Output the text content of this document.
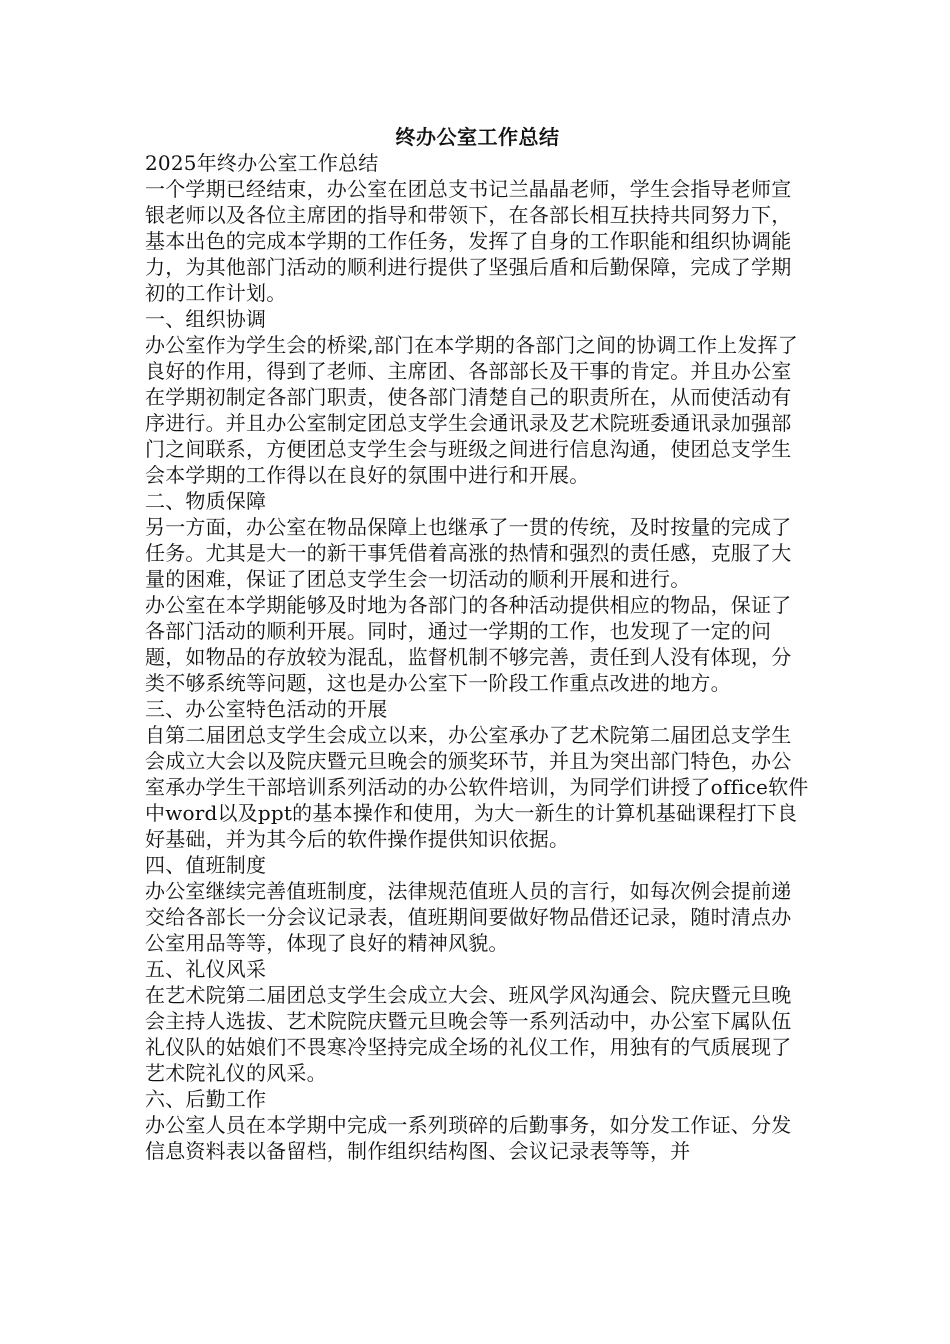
终办公室工作总结

2025年终办公室工作总结

一个学期已经结束，办公室在团总支书记兰晶晶老师，学生会指导老师宣银老师以及各位主席团的指导和带领下，在各部长相互扶持共同努力下，基本出色的完成本学期的工作任务，发挥了自身的工作职能和组织协调能力，为其他部门活动的顺利进行提供了坚强后盾和后勤保障，完成了学期初的工作计划。

一、组织协调

办公室作为学生会的桥梁,部门在本学期的各部门之间的协调工作上发挥了良好的作用，得到了老师、主席团、各部部长及干事的肯定。并且办公室在学期初制定各部门职责，使各部门清楚自己的职责所在，从而使活动有序进行。并且办公室制定团总支学生会通讯录及艺术院班委通讯录加强部门之间联系，方便团总支学生会与班级之间进行信息沟通，使团总支学生会本学期的工作得以在良好的氛围中进行和开展。

二、物质保障

另一方面，办公室在物品保障上也继承了一贯的传统，及时按量的完成了任务。尤其是大一的新干事凭借着高涨的热情和强烈的责任感，克服了大量的困难，保证了团总支学生会一切活动的顺利开展和进行。

办公室在本学期能够及时地为各部门的各种活动提供相应的物品，保证了各部门活动的顺利开展。同时，通过一学期的工作，也发现了一定的问题，如物品的存放较为混乱，监督机制不够完善，责任到人没有体现，分类不够系统等问题，这也是办公室下一阶段工作重点改进的地方。

三、办公室特色活动的开展

自第二届团总支学生会成立以来，办公室承办了艺术院第二届团总支学生会成立大会以及院庆暨元旦晚会的颁奖环节，并且为突出部门特色，办公室承办学生干部培训系列活动的办公软件培训，为同学们讲授了office软件中word以及ppt的基本操作和使用，为大一新生的计算机基础课程打下良好基础，并为其今后的软件操作提供知识依据。

四、值班制度

办公室继续完善值班制度，法律规范值班人员的言行，如每次例会提前递交给各部长一分会议记录表，值班期间要做好物品借还记录，随时清点办公室用品等等，体现了良好的精神风貌。

五、礼仪风采

在艺术院第二届团总支学生会成立大会、班风学风沟通会、院庆暨元旦晚会主持人选拔、艺术院院庆暨元旦晚会等一系列活动中，办公室下属队伍礼仪队的姑娘们不畏寒冷坚持完成全场的礼仪工作，用独有的气质展现了艺术院礼仪的风采。

六、后勤工作

办公室人员在本学期中完成一系列琐碎的后勤事务，如分发工作证、分发信息资料表以备留档，制作组织结构图、会议记录表等等，并
